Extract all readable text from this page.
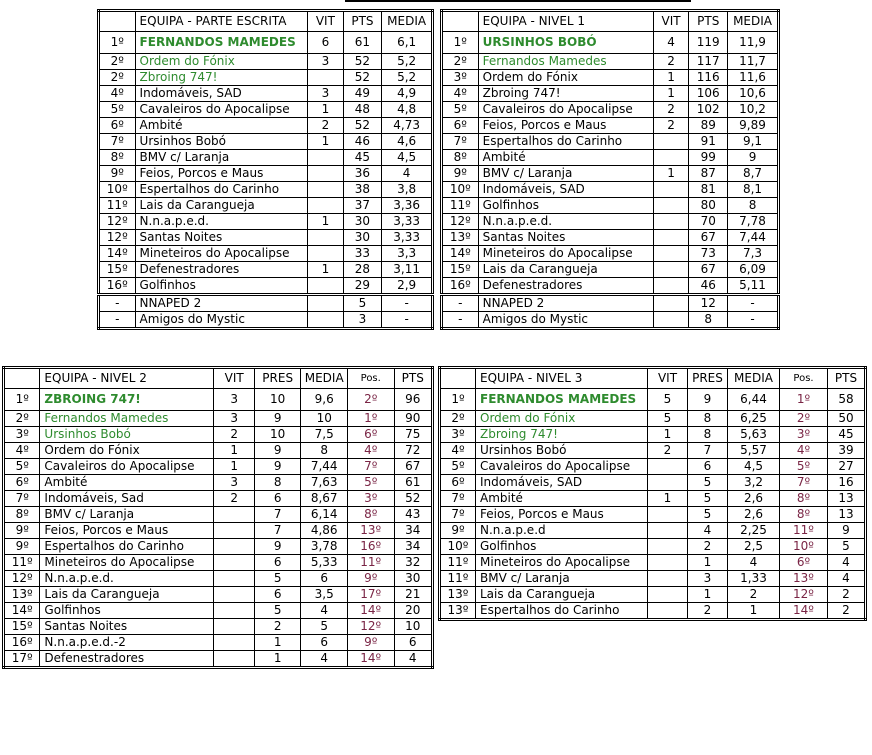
	EQUIPA - PARTE ESCRITA	VIT	PTS	MEDIA
1º	FERNANDOS MAMEDES	6	61	6,1
2º	Ordem do Fónix	3	52	5,2
2º	Zbroing 747!		52	5,2
4º	Indomáveis, SAD	3	49	4,9
5º	Cavaleiros do Apocalipse	1	48	4,8
6º	Ambité	2	52	4,73
7º	Ursinhos Bobó	1	46	4,6
8º	BMV c/ Laranja		45	4,5
9º	Feios, Porcos e Maus		36	4
10º	Espertalhos do Carinho		38	3,8
11º	Lais da Carangueja		37	3,36
12º	N.n.a.p.e.d.	1	30	3,33
12º	Santas Noites		30	3,33
14º	Mineteiros do Apocalipse		33	3,3
15º	Defenestradores	1	28	3,11
16º	Golfinhos		29	2,9
-	NNAPED 2		5	-
-	Amigos do Mystic		3	-
	EQUIPA - NIVEL 1	VIT	PTS	MEDIA
1º	URSINHOS BOBÓ	4	119	11,9
2º	Fernandos Mamedes	2	117	11,7
3º	Ordem do Fónix	1	116	11,6
4º	Zbroing 747!	1	106	10,6
5º	Cavaleiros do Apocalipse	2	102	10,2
6º	Feios, Porcos e Maus	2	89	9,89
7º	Espertalhos do Carinho		91	9,1
8º	Ambité		99	9
9º	BMV c/ Laranja	1	87	8,7
10º	Indomáveis, SAD		81	8,1
11º	Golfinhos		80	8
12º	N.n.a.p.e.d.		70	7,78
13º	Santas Noites		67	7,44
14º	Mineteiros do Apocalipse		73	7,3
15º	Lais da Carangueja		67	6,09
16º	Defenestradores		46	5,11
-	NNAPED 2		12	-
-	Amigos do Mystic		8	-
	EQUIPA - NIVEL 2	VIT	PRES	MEDIA	Pos.	PTS
1º	ZBROING 747!	3	10	9,6	2º	96
2º	Fernandos Mamedes	3	9	10	1º	90
3º	Ursinhos Bobó	2	10	7,5	6º	75
4º	Ordem do Fónix	1	9	8	4º	72
5º	Cavaleiros do Apocalipse	1	9	7,44	7º	67
6º	Ambité	3	8	7,63	5º	61
7º	Indomáveis, Sad	2	6	8,67	3º	52
8º	BMV c/ Laranja		7	6,14	8º	43
9º	Feios, Porcos e Maus		7	4,86	13º	34
9º	Espertalhos do Carinho		9	3,78	16º	34
11º	Mineteiros do Apocalipse		6	5,33	11º	32
12º	N.n.a.p.e.d.		5	6	9º	30
13º	Lais da Carangueja		6	3,5	17º	21
14º	Golfinhos		5	4	14º	20
15º	Santas Noites		2	5	12º	10
16º	N.n.a.p.e.d.-2		1	6	9º	6
17º	Defenestradores		1	4	14º	4
	EQUIPA - NIVEL 3	VIT	PRES	MEDIA	Pos.	PTS
1º	FERNANDOS MAMEDES	5	9	6,44	1º	58
2º	Ordem do Fónix	5	8	6,25	2º	50
3º	Zbroing 747!	1	8	5,63	3º	45
4º	Ursinhos Bobó	2	7	5,57	4º	39
5º	Cavaleiros do Apocalipse		6	4,5	5º	27
6º	Indomáveis, SAD		5	3,2	7º	16
7º	Ambité	1	5	2,6	8º	13
7º	Feios, Porcos e Maus		5	2,6	8º	13
9º	N.n.a.p.e.d		4	2,25	11º	9
10º	Golfinhos		2	2,5	10º	5
11º	Mineteiros do Apocalipse		1	4	6º	4
11º	BMV c/ Laranja		3	1,33	13º	4
13º	Lais da Carangueja		1	2	12º	2
13º	Espertalhos do Carinho		2	1	14º	2
